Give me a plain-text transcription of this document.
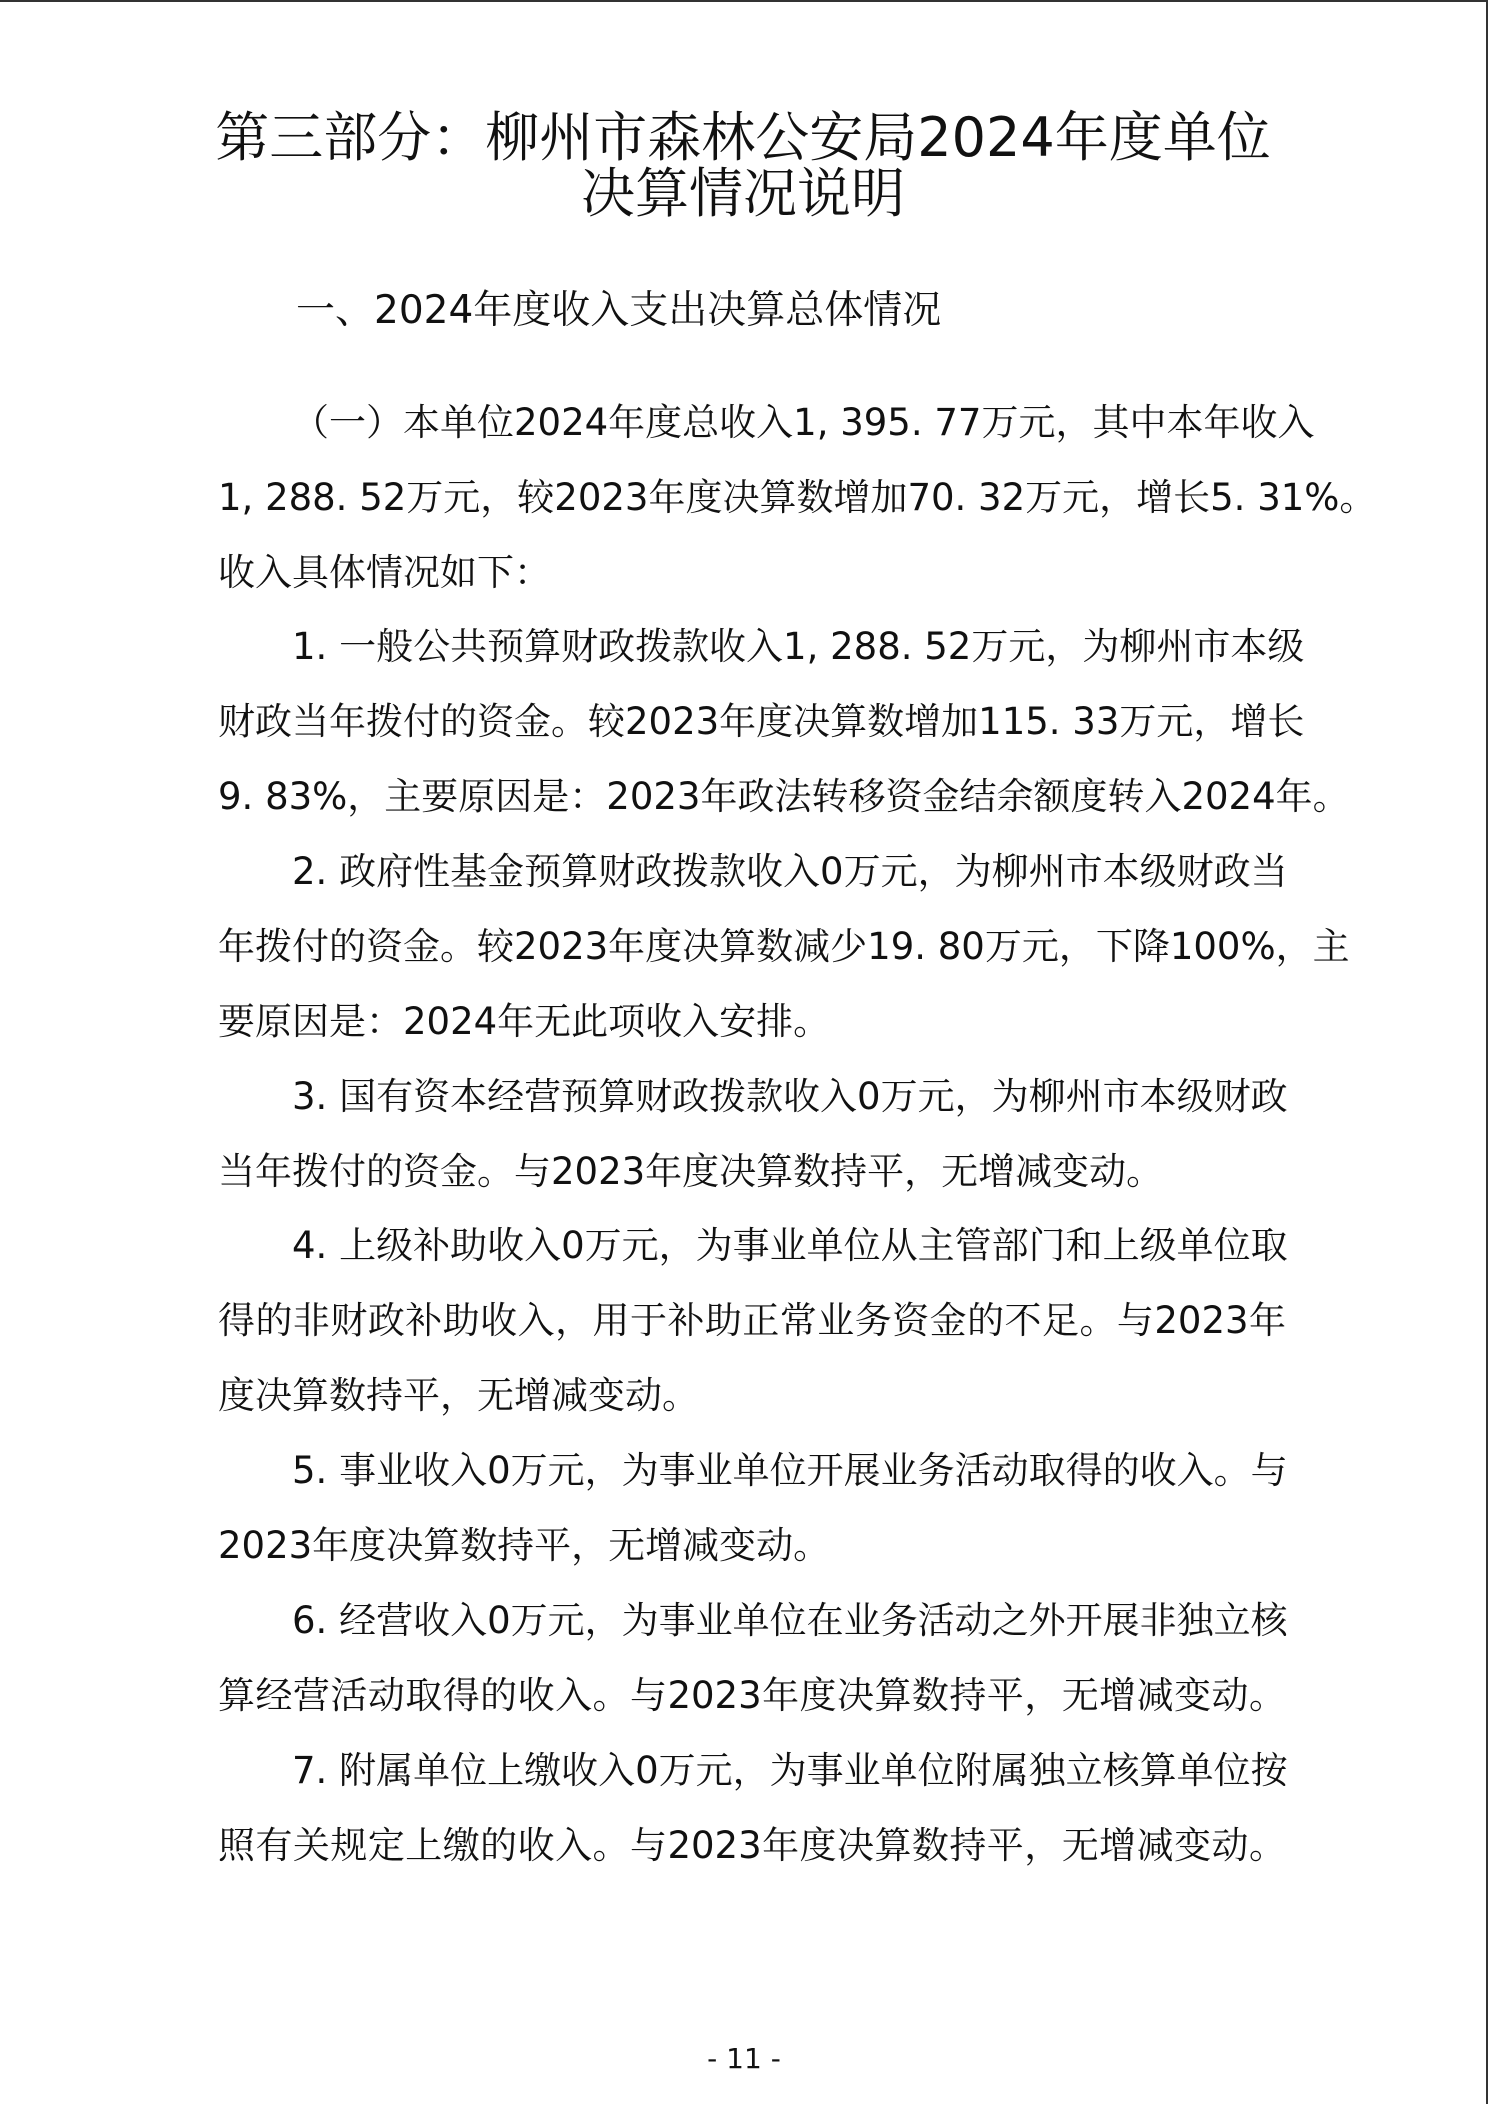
第三部分：柳州市森林公安局2024年度单位
决算情况说明
一、2024年度收入支出决算总体情况

（一）本单位2024年度总收入1, 395. 77万元，其中本年收入

1, 288. 52万元，较2023年度决算数增加70. 32万元，增长5. 31%。

收入具体情况如下：

1. 一般公共预算财政拨款收入1, 288. 52万元，为柳州市本级

财政当年拨付的资金。较2023年度决算数增加115. 33万元，增长

9. 83%，主要原因是：2023年政法转移资金结余额度转入2024年。

2. 政府性基金预算财政拨款收入0万元，为柳州市本级财政当

年拨付的资金。较2023年度决算数减少19. 80万元，下降100%，主

要原因是：2024年无此项收入安排。

3. 国有资本经营预算财政拨款收入0万元，为柳州市本级财政

当年拨付的资金。与2023年度决算数持平，无增减变动。

4. 上级补助收入0万元，为事业单位从主管部门和上级单位取

得的非财政补助收入，用于补助正常业务资金的不足。与2023年

度决算数持平，无增减变动。

5. 事业收入0万元，为事业单位开展业务活动取得的收入。与

2023年度决算数持平，无增减变动。

6. 经营收入0万元，为事业单位在业务活动之外开展非独立核

算经营活动取得的收入。与2023年度决算数持平，无增减变动。

7. 附属单位上缴收入0万元，为事业单位附属独立核算单位按

照有关规定上缴的收入。与2023年度决算数持平，无增减变动。

- 11 -
